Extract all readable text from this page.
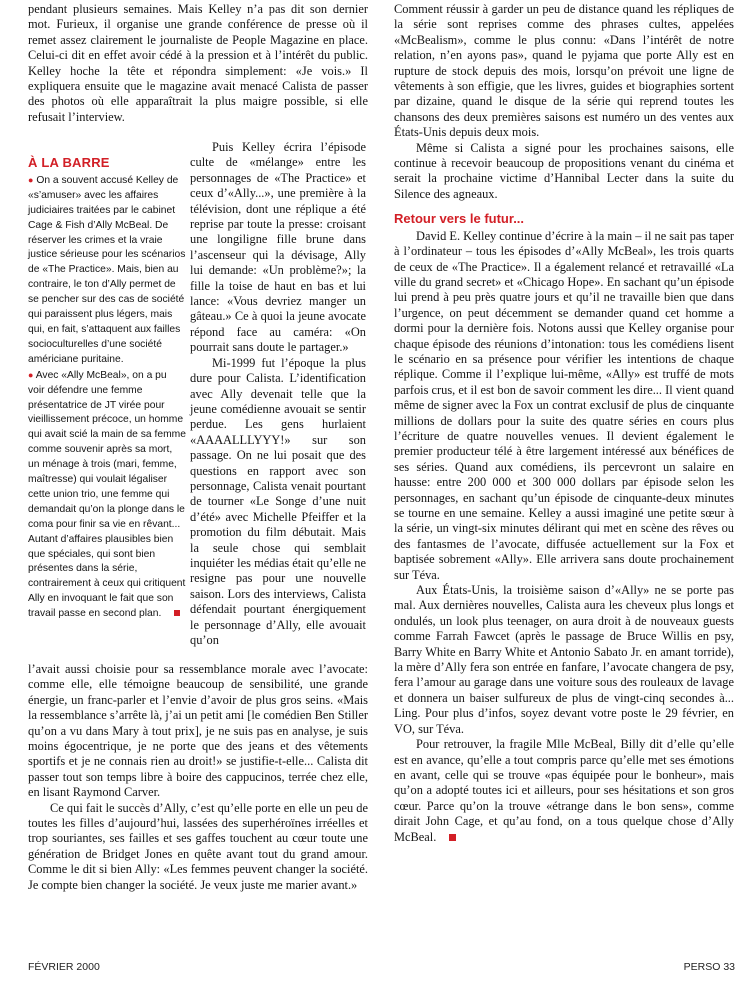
pendant plusieurs semaines. Mais Kelley n’a pas dit son dernier mot. Furieux, il organise une grande conférence de presse où il remet assez clairement le journaliste de People Magazine en place. Celui-ci dit en effet avoir cédé à la pression et à l’intérêt du public. Kelley hoche la tête et répondra simplement: «Je vois.» Il expliquera ensuite que le magazine avait menacé Calista de passer des photos où elle apparaîtrait la plus maigre possible, si elle refusait l’interview.

À LA BARRE

● On a souvent accusé Kelley de «s’amuser» avec les affaires judiciaires traitées par le cabinet Cage & Fish d’Ally McBeal. De réserver les crimes et la vraie justice sérieuse pour les scénarios de «The Practice». Mais, bien au contraire, le ton d’Ally permet de se pencher sur des cas de société qui paraissent plus légers, mais qui, en fait, s’attaquent aux failles socioculturelles d’une société américiane puritaine.

● Avec «Ally McBeal», on a pu voir défendre une femme présentatrice de JT virée pour vieillissement précoce, un homme qui avait scié la main de sa femme comme souvenir après sa mort, un ménage à trois (mari, femme, maîtresse) qui voulait légaliser cette union trio, une femme qui demandait qu’on la plonge dans le coma pour finir sa vie en rêvant... Autant d’affaires plausibles bien que spéciales, qui sont bien présentes dans la série, contrairement à ceux qui critiquent Ally en invoquant le fait que son travail passe en second plan.

Puis Kelley écrira l’épisode culte de «mélange» entre les personnages de «The Practice» et ceux d’«Ally...», une première à la télévision, dont une réplique a été reprise par toute la presse: croisant une longiligne fille brune dans l’ascenseur qui la dévisage, Ally lui demande: «Un problème?»; la fille la toise de haut en bas et lui lance: «Vous devriez manger un gâteau.» Ce à quoi la jeune avocate répond face au caméra: «On pourrait sans doute le partager.»

Mi-1999 fut l’époque la plus dure pour Calista. L’identification avec Ally devenait telle que la jeune comédienne avouait se sentir perdue. Les gens hurlaient «AAAALLLYYY!» sur son passage. On ne lui posait que des questions en rapport avec son personnage, Calista venait pourtant de tourner «Le Songe d’une nuit d’été» avec Michelle Pfeiffer et la promotion du film débutait. Mais la seule chose qui semblait inquiéter les médias était qu’elle ne resigne pas pour une nouvelle saison. Lors des interviews, Calista défendait pourtant énergiquement le personnage d’Ally, elle avouait qu’on

l’avait aussi choisie pour sa ressemblance morale avec l’avocate: comme elle, elle témoigne beaucoup de sensibilité, une grande énergie, un franc-parler et l’envie d’avoir de plus gros seins. «Mais la ressemblance s’arrête là, j’ai un petit ami [le comédien Ben Stiller qu’on a vu dans Mary à tout prix], je ne suis pas en analyse, je suis moins égocentrique, je ne porte que des jeans et des vêtements sportifs et je ne connais rien au droit!» se justifie-t-elle... Calista dit passer tout son temps libre à boire des cappucinos, terrée chez elle, en lisant Raymond Carver.

Ce qui fait le succès d’Ally, c’est qu’elle porte en elle un peu de toutes les filles d’aujourd’hui, lassées des superhéroïnes irréelles et trop souriantes, ses failles et ses gaffes touchent au cœur toute une génération de Bridget Jones en quête avant tout du grand amour. Comme le dit si bien Ally: «Les femmes peuvent changer la société. Je compte bien changer la société. Je veux juste me marier avant.»

Comment réussir à garder un peu de distance quand les répliques de la série sont reprises comme des phrases cultes, appelées «McBealism», comme le plus connu: «Dans l’intérêt de notre relation, n’en ayons pas», quand le pyjama que porte Ally est en rupture de stock depuis des mois, lorsqu’on prévoit une ligne de vêtements à son effigie, que les livres, guides et biographies sortent par dizaine, quand le disque de la série qui reprend toutes les chansons des deux premières saisons est numéro un des ventes aux États-Unis depuis deux mois.

Même si Calista a signé pour les prochaines saisons, elle continue à recevoir beaucoup de propositions venant du cinéma et serait la prochaine victime d’Hannibal Lecter dans la suite du Silence des agneaux.

Retour vers le futur...

David E. Kelley continue d’écrire à la main – il ne sait pas taper à l’ordinateur – tous les épisodes d’«Ally McBeal», les trois quarts de ceux de «The Practice». Il a également relancé et retravaillé «La ville du grand secret» et «Chicago Hope». En sachant qu’un épisode lui prend à peu près quatre jours et qu’il ne travaille bien que dans l’urgence, on peut décemment se demander quand cet homme a dormi pour la dernière fois. Notons aussi que Kelley organise pour chaque épisode des réunions d’intonation: tous les comédiens lisent le scénario en sa présence pour vérifier les intentions de chaque réplique. Comme il l’explique lui-même, «Ally» est truffé de mots parfois crus, et il est bon de savoir comment les dire... Il vient quand même de signer avec la Fox un contrat exclusif de plus de cinquante millions de dollars pour la suite des quatre séries en cours plus l’écriture de quatre nouvelles venues. Il devient également le premier producteur télé à être largement intéressé aux bénéfices de ses séries. Quand aux comédiens, ils percevront un salaire en hausse: entre 200 000 et 300 000 dollars par épisode selon les personnages, en sachant qu’un épisode de cinquante-deux minutes se tourne en une semaine. Kelley a aussi imaginé une petite sœur à la série, un vingt-six minutes délirant qui met en scène des rêves ou des fantasmes de l’avocate, diffusée actuellement sur la Fox et baptisée sobrement «Ally». Elle arrivera sans doute prochainement sur Téva.

Aux États-Unis, la troisième saison d’«Ally» ne se porte pas mal. Aux dernières nouvelles, Calista aura les cheveux plus longs et ondulés, un look plus teenager, on aura droit à de nouveaux guests comme Farrah Fawcet (après le passage de Bruce Willis en psy, Barry White en Barry White et Antonio Sabato Jr. en amant torride), la mère d’Ally fera son entrée en fanfare, l’avocate changera de psy, fera l’amour au garage dans une voiture sous des rouleaux de lavage et donnera un baiser sulfureux de plus de vingt-cinq secondes à... Ling. Pour plus d’infos, soyez devant votre poste le 29 février, en VO, sur Téva.

Pour retrouver, la fragile Mlle McBeal, Billy dit d’elle qu’elle est en avance, qu’elle a tout compris parce qu’elle met ses émotions en avant, celle qui se trouve «pas équipée pour le bonheur», mais qu’on a adopté toutes ici et ailleurs, pour ses hésitations et son gros cœur. Parce qu’on la trouve «étrange dans le bon sens», comme dirait John Cage, et qu’au fond, on a tous quelque chose d’Ally McBeal.

FÉVRIER 2000	PERSO 33
